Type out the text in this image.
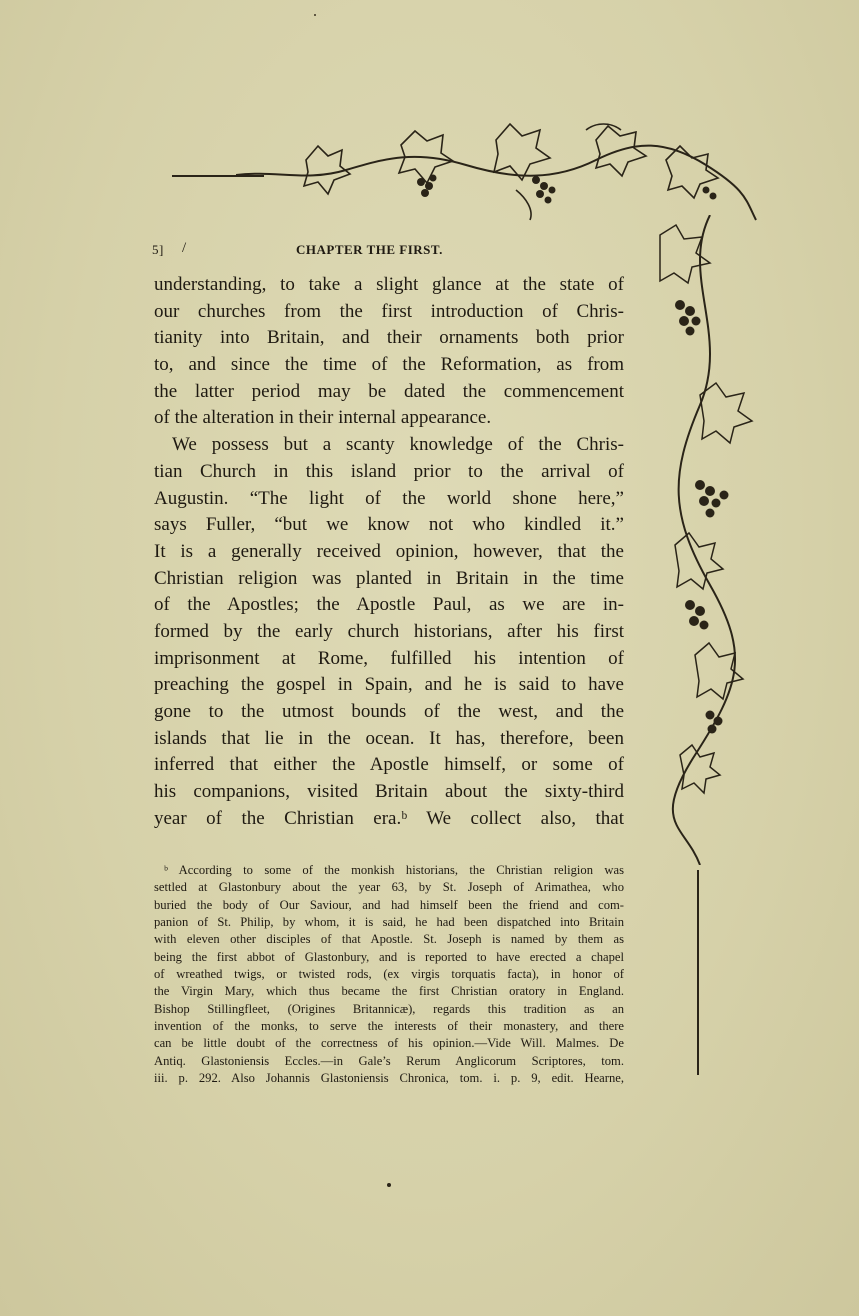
5] /	CHAPTER THE FIRST.
understanding, to take a slight glance at the state of
our churches from the first introduction of Chris-
tianity into Britain, and their ornaments both prior
to, and since the time of the Reformation, as from
the latter period may be dated the commencement
of the alteration in their internal appearance.
We possess but a scanty knowledge of the Chris-
tian Church in this island prior to the arrival of
Augustin. “The light of the world shone here,”
says Fuller, “but we know not who kindled it.”
It is a generally received opinion, however, that the
Christian religion was planted in Britain in the time
of the Apostles; the Apostle Paul, as we are in-
formed by the early church historians, after his first
imprisonment at Rome, fulfilled his intention of
preaching the gospel in Spain, and he is said to have
gone to the utmost bounds of the west, and the
islands that lie in the ocean. It has, therefore, been
inferred that either the Apostle himself, or some of
his companions, visited Britain about the sixty-third
year of the Christian era.ᵇ We collect also, that
ᵇ According to some of the monkish historians, the Christian religion was
settled at Glastonbury about the year 63, by St. Joseph of Arimathea, who
buried the body of Our Saviour, and had himself been the friend and com-
panion of St. Philip, by whom, it is said, he had been dispatched into Britain
with eleven other disciples of that Apostle. St. Joseph is named by them as
being the first abbot of Glastonbury, and is reported to have erected a chapel
of wreathed twigs, or twisted rods, (ex virgis torquatis facta), in honor of
the Virgin Mary, which thus became the first Christian oratory in England.
Bishop Stillingfleet, (Origines Britannicæ), regards this tradition as an
invention of the monks, to serve the interests of their monastery, and there
can be little doubt of the correctness of his opinion.—Vide Will. Malmes. De
Antiq. Glastoniensis Eccles.—in Gale’s Rerum Anglicorum Scriptores, tom.
iii. p. 292. Also Johannis Glastoniensis Chronica, tom. i. p. 9, edit. Hearne,
